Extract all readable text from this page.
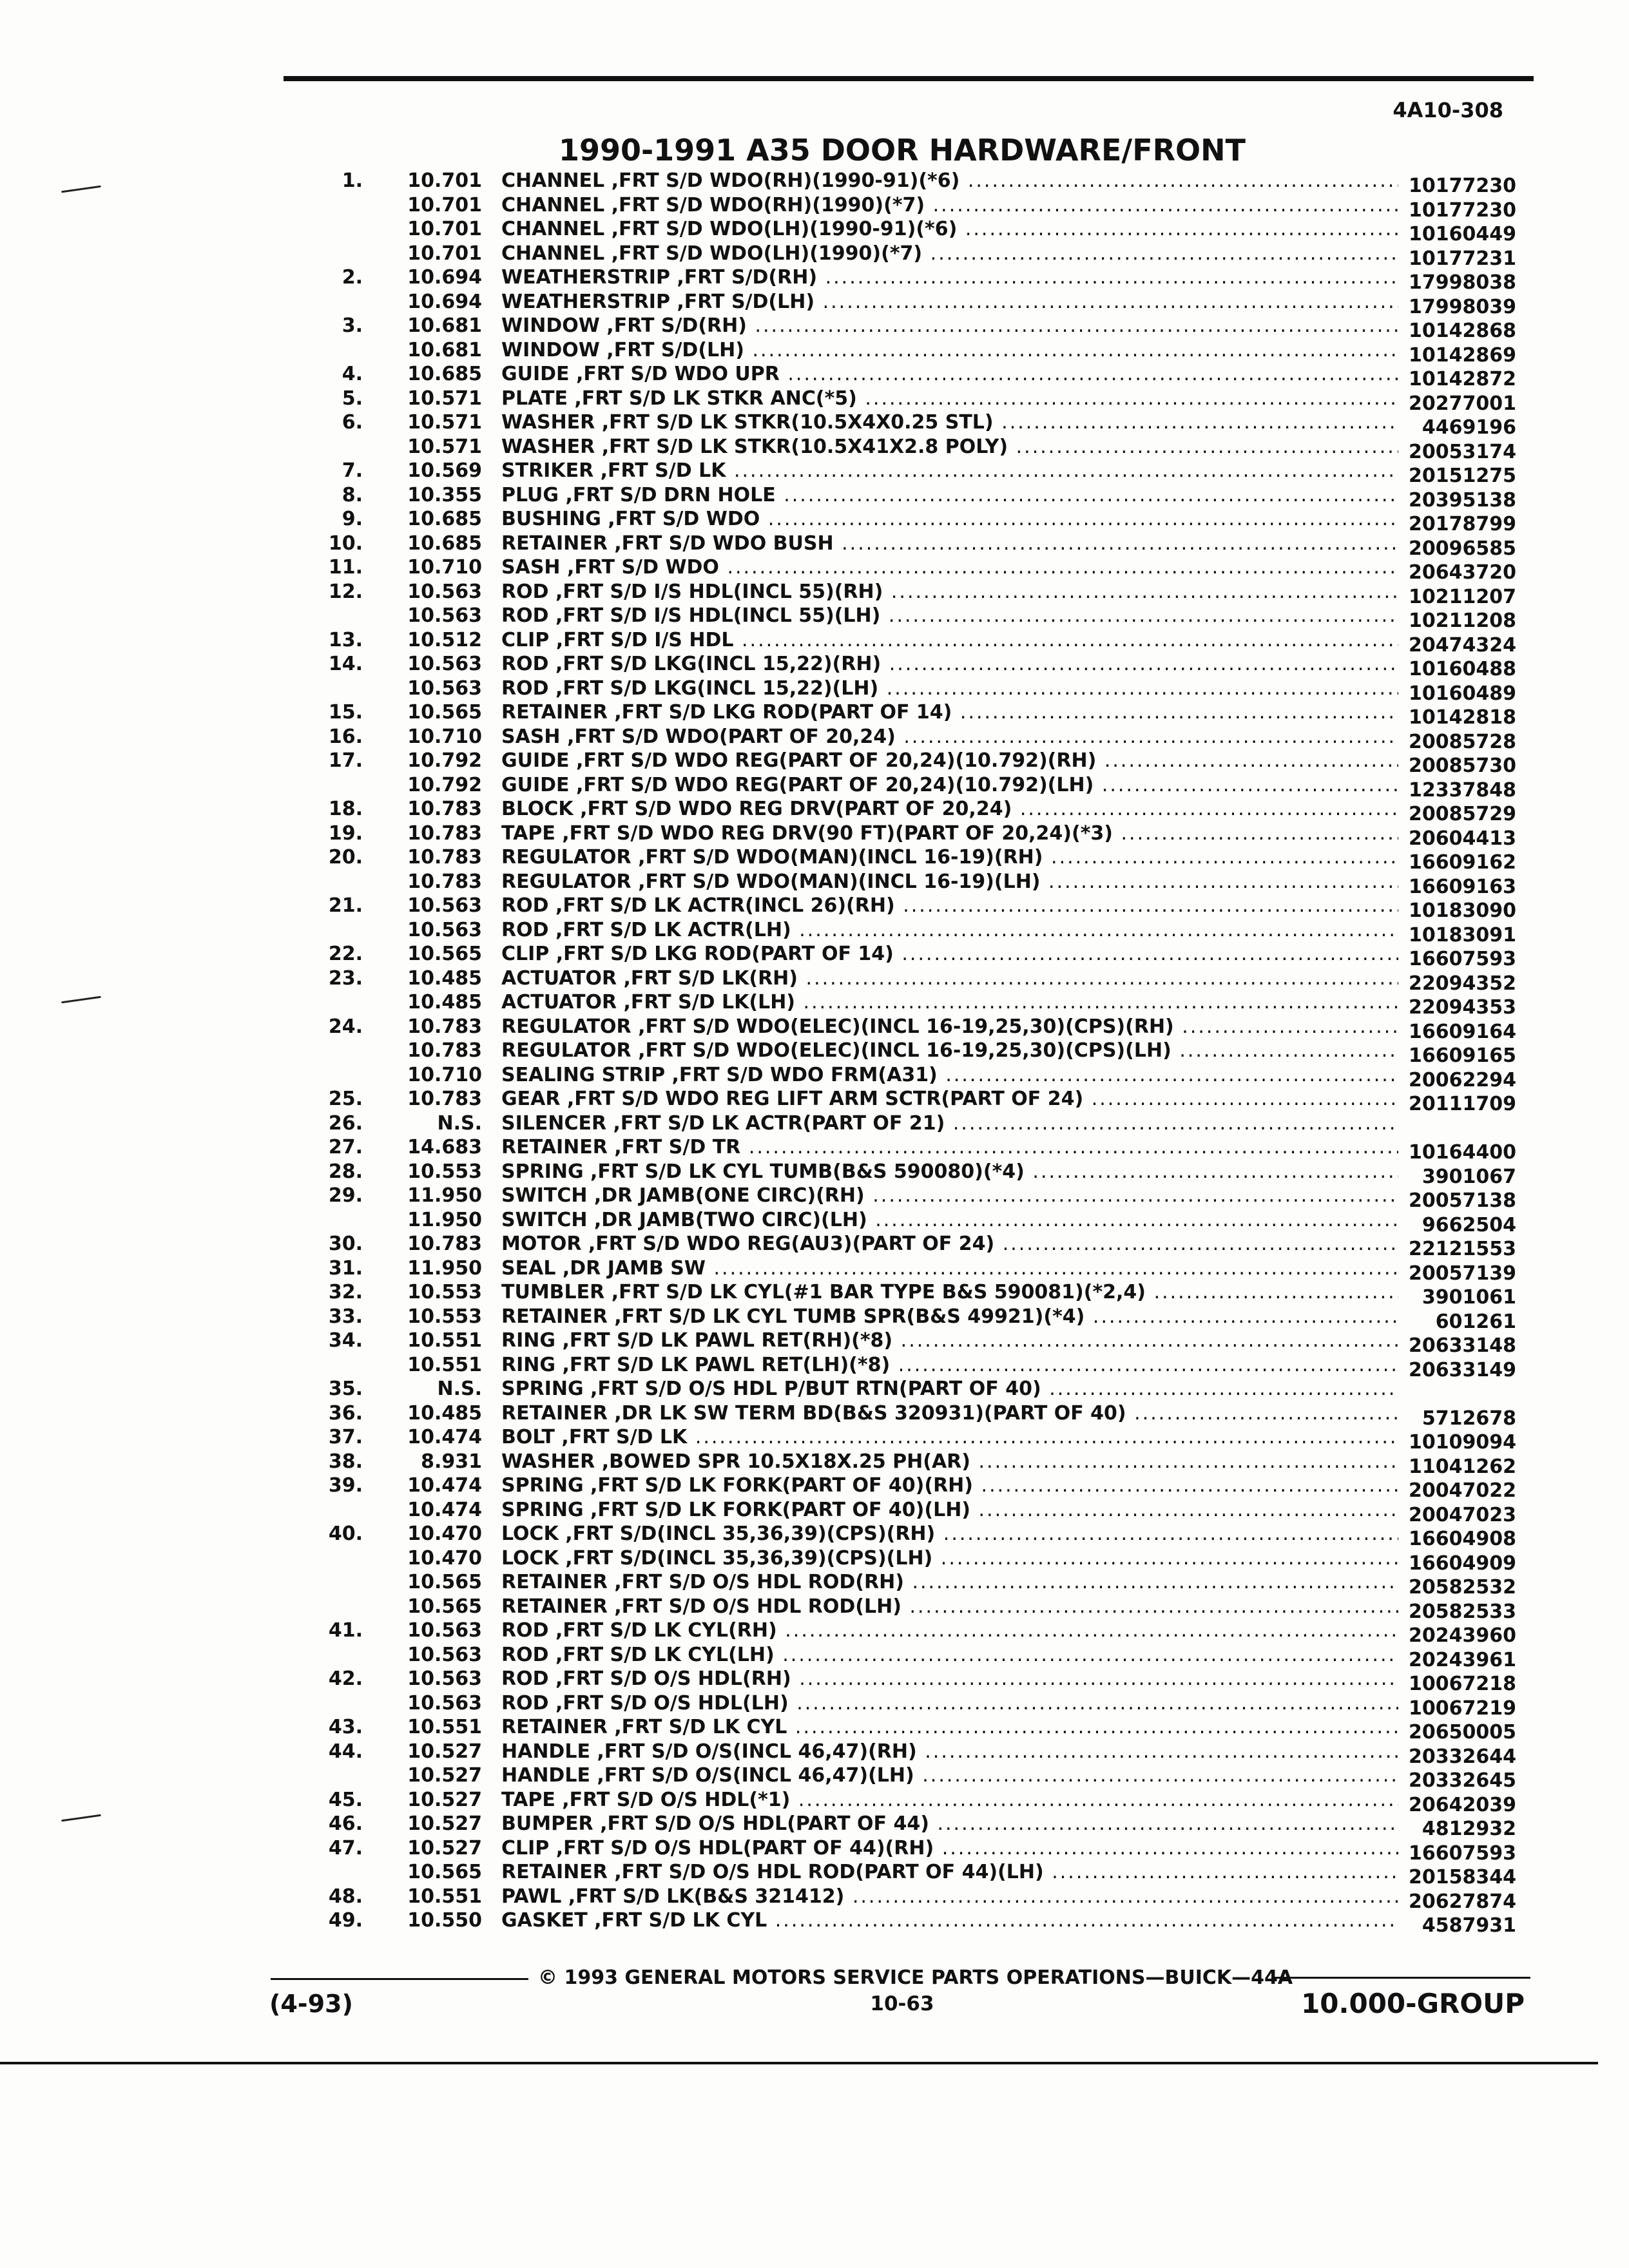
4A10-308
1990-1991 A35 DOOR HARDWARE/FRONT
1. 10.701 CHANNEL ,FRT S/D WDO(RH)(1990-91)(*6) .....	10177230
10.701 CHANNEL ,FRT S/D WDO(RH)(1990)(*7) .....	10177230
10.701 CHANNEL ,FRT S/D WDO(LH)(1990-91)(*6) .....	10160449
10.701 CHANNEL ,FRT S/D WDO(LH)(1990)(*7) .....	10177231
2. 10.694 WEATHERSTRIP ,FRT S/D(RH) .....	17998038
10.694 WEATHERSTRIP ,FRT S/D(LH) .....	17998039
3. 10.681 WINDOW ,FRT S/D(RH) .....	10142868
10.681 WINDOW ,FRT S/D(LH) .....	10142869
4. 10.685 GUIDE ,FRT S/D WDO UPR .....	10142872
5. 10.571 PLATE ,FRT S/D LK STKR ANC(*5) .....	20277001
6. 10.571 WASHER ,FRT S/D LK STKR(10.5X4X0.25 STL) .....	4469196
10.571 WASHER ,FRT S/D LK STKR(10.5X41X2.8 POLY) .....	20053174
7. 10.569 STRIKER ,FRT S/D LK .....	20151275
8. 10.355 PLUG ,FRT S/D DRN HOLE .....	20395138
9. 10.685 BUSHING ,FRT S/D WDO .....	20178799
10. 10.685 RETAINER ,FRT S/D WDO BUSH .....	20096585
11. 10.710 SASH ,FRT S/D WDO .....	20643720
12. 10.563 ROD ,FRT S/D I/S HDL(INCL 55)(RH) .....	10211207
10.563 ROD ,FRT S/D I/S HDL(INCL 55)(LH) .....	10211208
13. 10.512 CLIP ,FRT S/D I/S HDL .....	20474324
14. 10.563 ROD ,FRT S/D LKG(INCL 15,22)(RH) .....	10160488
10.563 ROD ,FRT S/D LKG(INCL 15,22)(LH) .....	10160489
15. 10.565 RETAINER ,FRT S/D LKG ROD(PART OF 14) .....	10142818
16. 10.710 SASH ,FRT S/D WDO(PART OF 20,24) .....	20085728
17. 10.792 GUIDE ,FRT S/D WDO REG(PART OF 20,24)(10.792)(RH) .....	20085730
10.792 GUIDE ,FRT S/D WDO REG(PART OF 20,24)(10.792)(LH) .....	12337848
18. 10.783 BLOCK ,FRT S/D WDO REG DRV(PART OF 20,24) .....	20085729
19. 10.783 TAPE ,FRT S/D WDO REG DRV(90 FT)(PART OF 20,24)(*3) .....	20604413
20. 10.783 REGULATOR ,FRT S/D WDO(MAN)(INCL 16-19)(RH) .....	16609162
10.783 REGULATOR ,FRT S/D WDO(MAN)(INCL 16-19)(LH) .....	16609163
21. 10.563 ROD ,FRT S/D LK ACTR(INCL 26)(RH) .....	10183090
10.563 ROD ,FRT S/D LK ACTR(LH) .....	10183091
22. 10.565 CLIP ,FRT S/D LKG ROD(PART OF 14) .....	16607593
23. 10.485 ACTUATOR ,FRT S/D LK(RH) .....	22094352
10.485 ACTUATOR ,FRT S/D LK(LH) .....	22094353
24. 10.783 REGULATOR ,FRT S/D WDO(ELEC)(INCL 16-19,25,30)(CPS)(RH) .....	16609164
10.783 REGULATOR ,FRT S/D WDO(ELEC)(INCL 16-19,25,30)(CPS)(LH) .....	16609165
10.710 SEALING STRIP ,FRT S/D WDO FRM(A31) .....	20062294
25. 10.783 GEAR ,FRT S/D WDO REG LIFT ARM SCTR(PART OF 24) .....	20111709
26.	N.S. SILENCER ,FRT S/D LK ACTR(PART OF 21) .....
27. 14.683 RETAINER ,FRT S/D TR .....	10164400
28. 10.553 SPRING ,FRT S/D LK CYL TUMB(B&S 590080)(*4) .....	3901067
29. 11.950 SWITCH ,DR JAMB(ONE CIRC)(RH) .....	20057138
11.950 SWITCH ,DR JAMB(TWO CIRC)(LH) .....	9662504
30. 10.783 MOTOR ,FRT S/D WDO REG(AU3)(PART OF 24) .....	22121553
31. 11.950 SEAL ,DR JAMB SW .....	20057139
32. 10.553 TUMBLER ,FRT S/D LK CYL(#1 BAR TYPE B&S 590081)(*2,4) .....	3901061
33. 10.553 RETAINER ,FRT S/D LK CYL TUMB SPR(B&S 49921)(*4) .....	601261
34. 10.551 RING ,FRT S/D LK PAWL RET(RH)(*8) .....	20633148
10.551 RING ,FRT S/D LK PAWL RET(LH)(*8) .....	20633149
35.	N.S. SPRING ,FRT S/D O/S HDL P/BUT RTN(PART OF 40) .....
36. 10.485 RETAINER ,DR LK SW TERM BD(B&S 320931)(PART OF 40) .....	5712678
37. 10.474 BOLT ,FRT S/D LK .....	10109094
38.	8.931 WASHER ,BOWED SPR 10.5X18X.25 PH(AR) .....	11041262
39. 10.474 SPRING ,FRT S/D LK FORK(PART OF 40)(RH) .....	20047022
10.474 SPRING ,FRT S/D LK FORK(PART OF 40)(LH) .....	20047023
40. 10.470 LOCK ,FRT S/D(INCL 35,36,39)(CPS)(RH) .....	16604908
10.470 LOCK ,FRT S/D(INCL 35,36,39)(CPS)(LH) .....	16604909
10.565 RETAINER ,FRT S/D O/S HDL ROD(RH) .....	20582532
10.565 RETAINER ,FRT S/D O/S HDL ROD(LH) .....	20582533
41. 10.563 ROD ,FRT S/D LK CYL(RH) .....	20243960
10.563 ROD ,FRT S/D LK CYL(LH) .....	20243961
42. 10.563 ROD ,FRT S/D O/S HDL(RH) .....	10067218
10.563 ROD ,FRT S/D O/S HDL(LH) .....	10067219
43. 10.551 RETAINER ,FRT S/D LK CYL .....	20650005
44. 10.527 HANDLE ,FRT S/D O/S(INCL 46,47)(RH) .....	20332644
10.527 HANDLE ,FRT S/D O/S(INCL 46,47)(LH) .....	20332645
45. 10.527 TAPE ,FRT S/D O/S HDL(*1) .....	20642039
46. 10.527 BUMPER ,FRT S/D O/S HDL(PART OF 44) .....	4812932
47. 10.527 CLIP ,FRT S/D O/S HDL(PART OF 44)(RH) .....	16607593
10.565 RETAINER ,FRT S/D O/S HDL ROD(PART OF 44)(LH) .....	20158344
48. 10.551 PAWL ,FRT S/D LK(B&S 321412) .....	20627874
49. 10.550 GASKET ,FRT S/D LK CYL .....	4587931
© 1993 GENERAL MOTORS SERVICE PARTS OPERATIONS—BUICK—44A
(4-93)	10-63	10.000-GROUP
